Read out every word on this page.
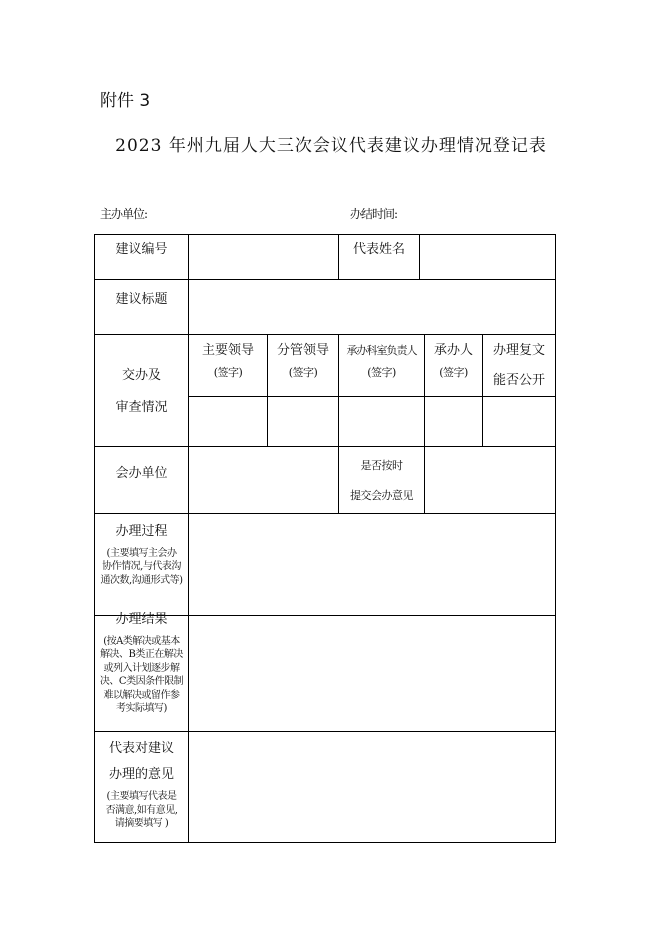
附件 3
2023 年州九届人大三次会议代表建议办理情况登记表
主办单位:	办结时间:
建议编号	代表姓名
建议标题
交办及
审查情况
主要领导
(签字)
分管领导
(签字)
承办科室负责人
(签字)
承办人
(签字)
办理复文
能否公开
会办单位
是否按时
提交会办意见
办理过程
(主要填写主会办
协作情况,与代表沟
通次数,沟通形式等)
办理结果
(按A类解决或基本
解决、B类正在解决
或列入计划逐步解
决、C类因条件限制
难以解决或留作参
考实际填写)
代表对建议
办理的意见
(主要填写代表是
否满意,如有意见,
请摘要填写 )
